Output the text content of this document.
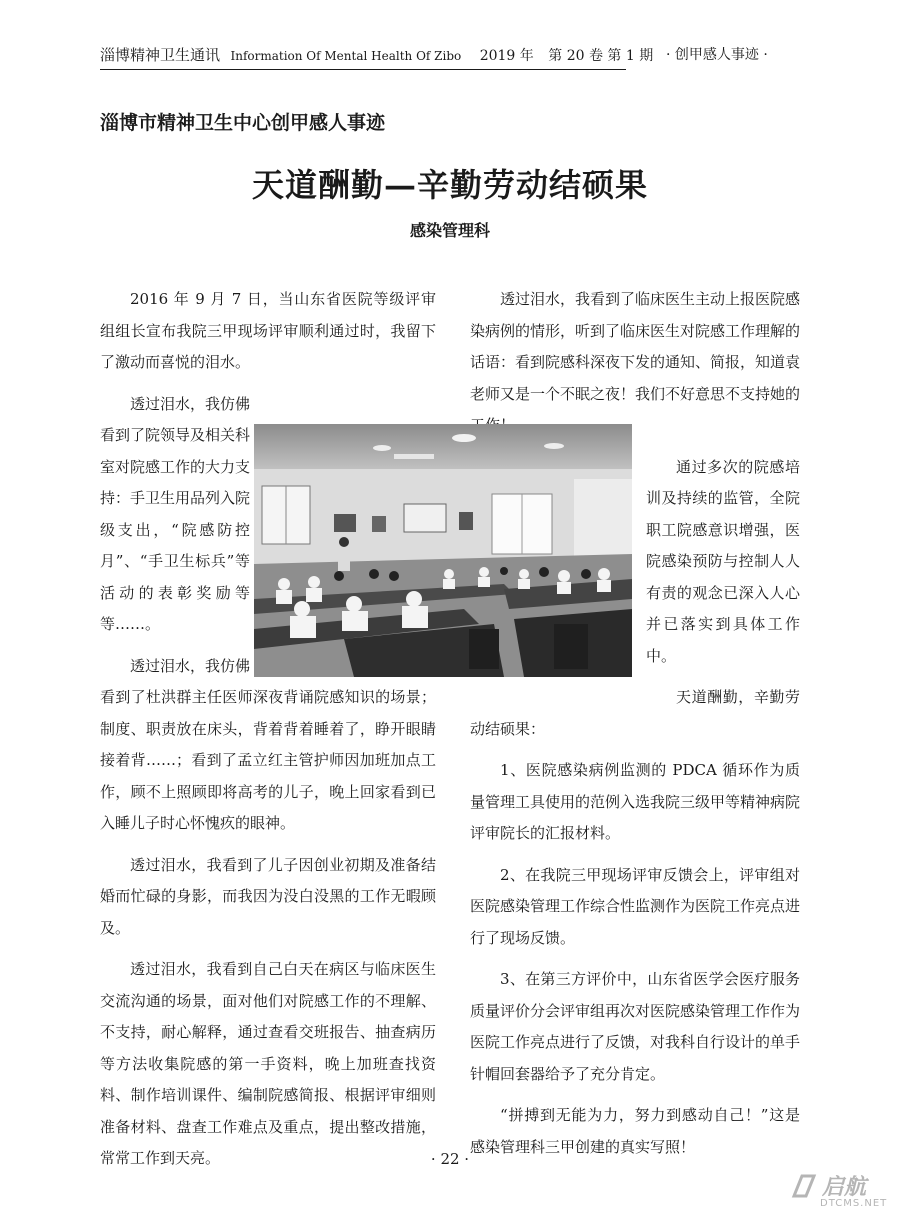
淄博精神卫生通讯 Information Of Mental Health Of Zibo 2019 年 第 20 卷 第 1 期 · 创甲感人事迹 ·
淄博市精神卫生中心创甲感人事迹
天道酬勤—辛勤劳动结硕果
感染管理科

2016 年 9 月 7 日，当山东省医院等级评审组组长宣布我院三甲现场评审顺利通过时，我留下了激动而喜悦的泪水。

透过泪水，我仿佛看到了院领导及相关科室对院感工作的大力支持：手卫生用品列入院级支出，“院感防控月”、“手卫生标兵”等活动的表彰奖励等等……。

透过泪水，我仿佛看到了杜洪群主任医师深夜背诵院感知识的场景；制度、职责放在床头，背着背着睡着了，睁开眼睛接着背……；看到了孟立红主管护师因加班加点工作，顾不上照顾即将高考的儿子，晚上回家看到已入睡儿子时心怀愧疚的眼神。

透过泪水，我看到了儿子因创业初期及准备结婚而忙碌的身影，而我因为没白没黑的工作无暇顾及。

透过泪水，我看到自己白天在病区与临床医生交流沟通的场景，面对他们对院感工作的不理解、不支持，耐心解释，通过查看交班报告、抽查病历等方法收集院感的第一手资料，晚上加班查找资料、制作培训课件、编制院感简报、根据评审细则准备材料、盘查工作难点及重点，提出整改措施，常常工作到天亮。

透过泪水，我看到了临床医生主动上报医院感染病例的情形，听到了临床医生对院感工作理解的话语：看到院感科深夜下发的通知、简报，知道袁老师又是一个不眠之夜！我们不好意思不支持她的

通过多次的院感培训及持续的监管，全院职工院感意识增强，医院感染预防与控制人人有责的观念已深入人心并已落实到具体工作中。

天道酬勤，辛勤劳动结硕果：

1、医院感染病例监测的 PDCA 循环作为质量管理工具使用的范例入选我院三级甲等精神病院评审院长的汇报材料。

2、在我院三甲现场评审反馈会上，评审组对医院感染管理工作综合性监测作为医院工作亮点进行了现场反馈。

3、在第三方评价中，山东省医学会医疗服务质量评价分会评审组再次对医院感染管理工作作为医院工作亮点进行了反馈，对我科自行设计的单手针帽回套器给予了充分肯定。

“拼搏到无能为力，努力到感动自己！”这是感染管理科三甲创建的真实写照！

· 22 ·
启航
DTCMS.NET
